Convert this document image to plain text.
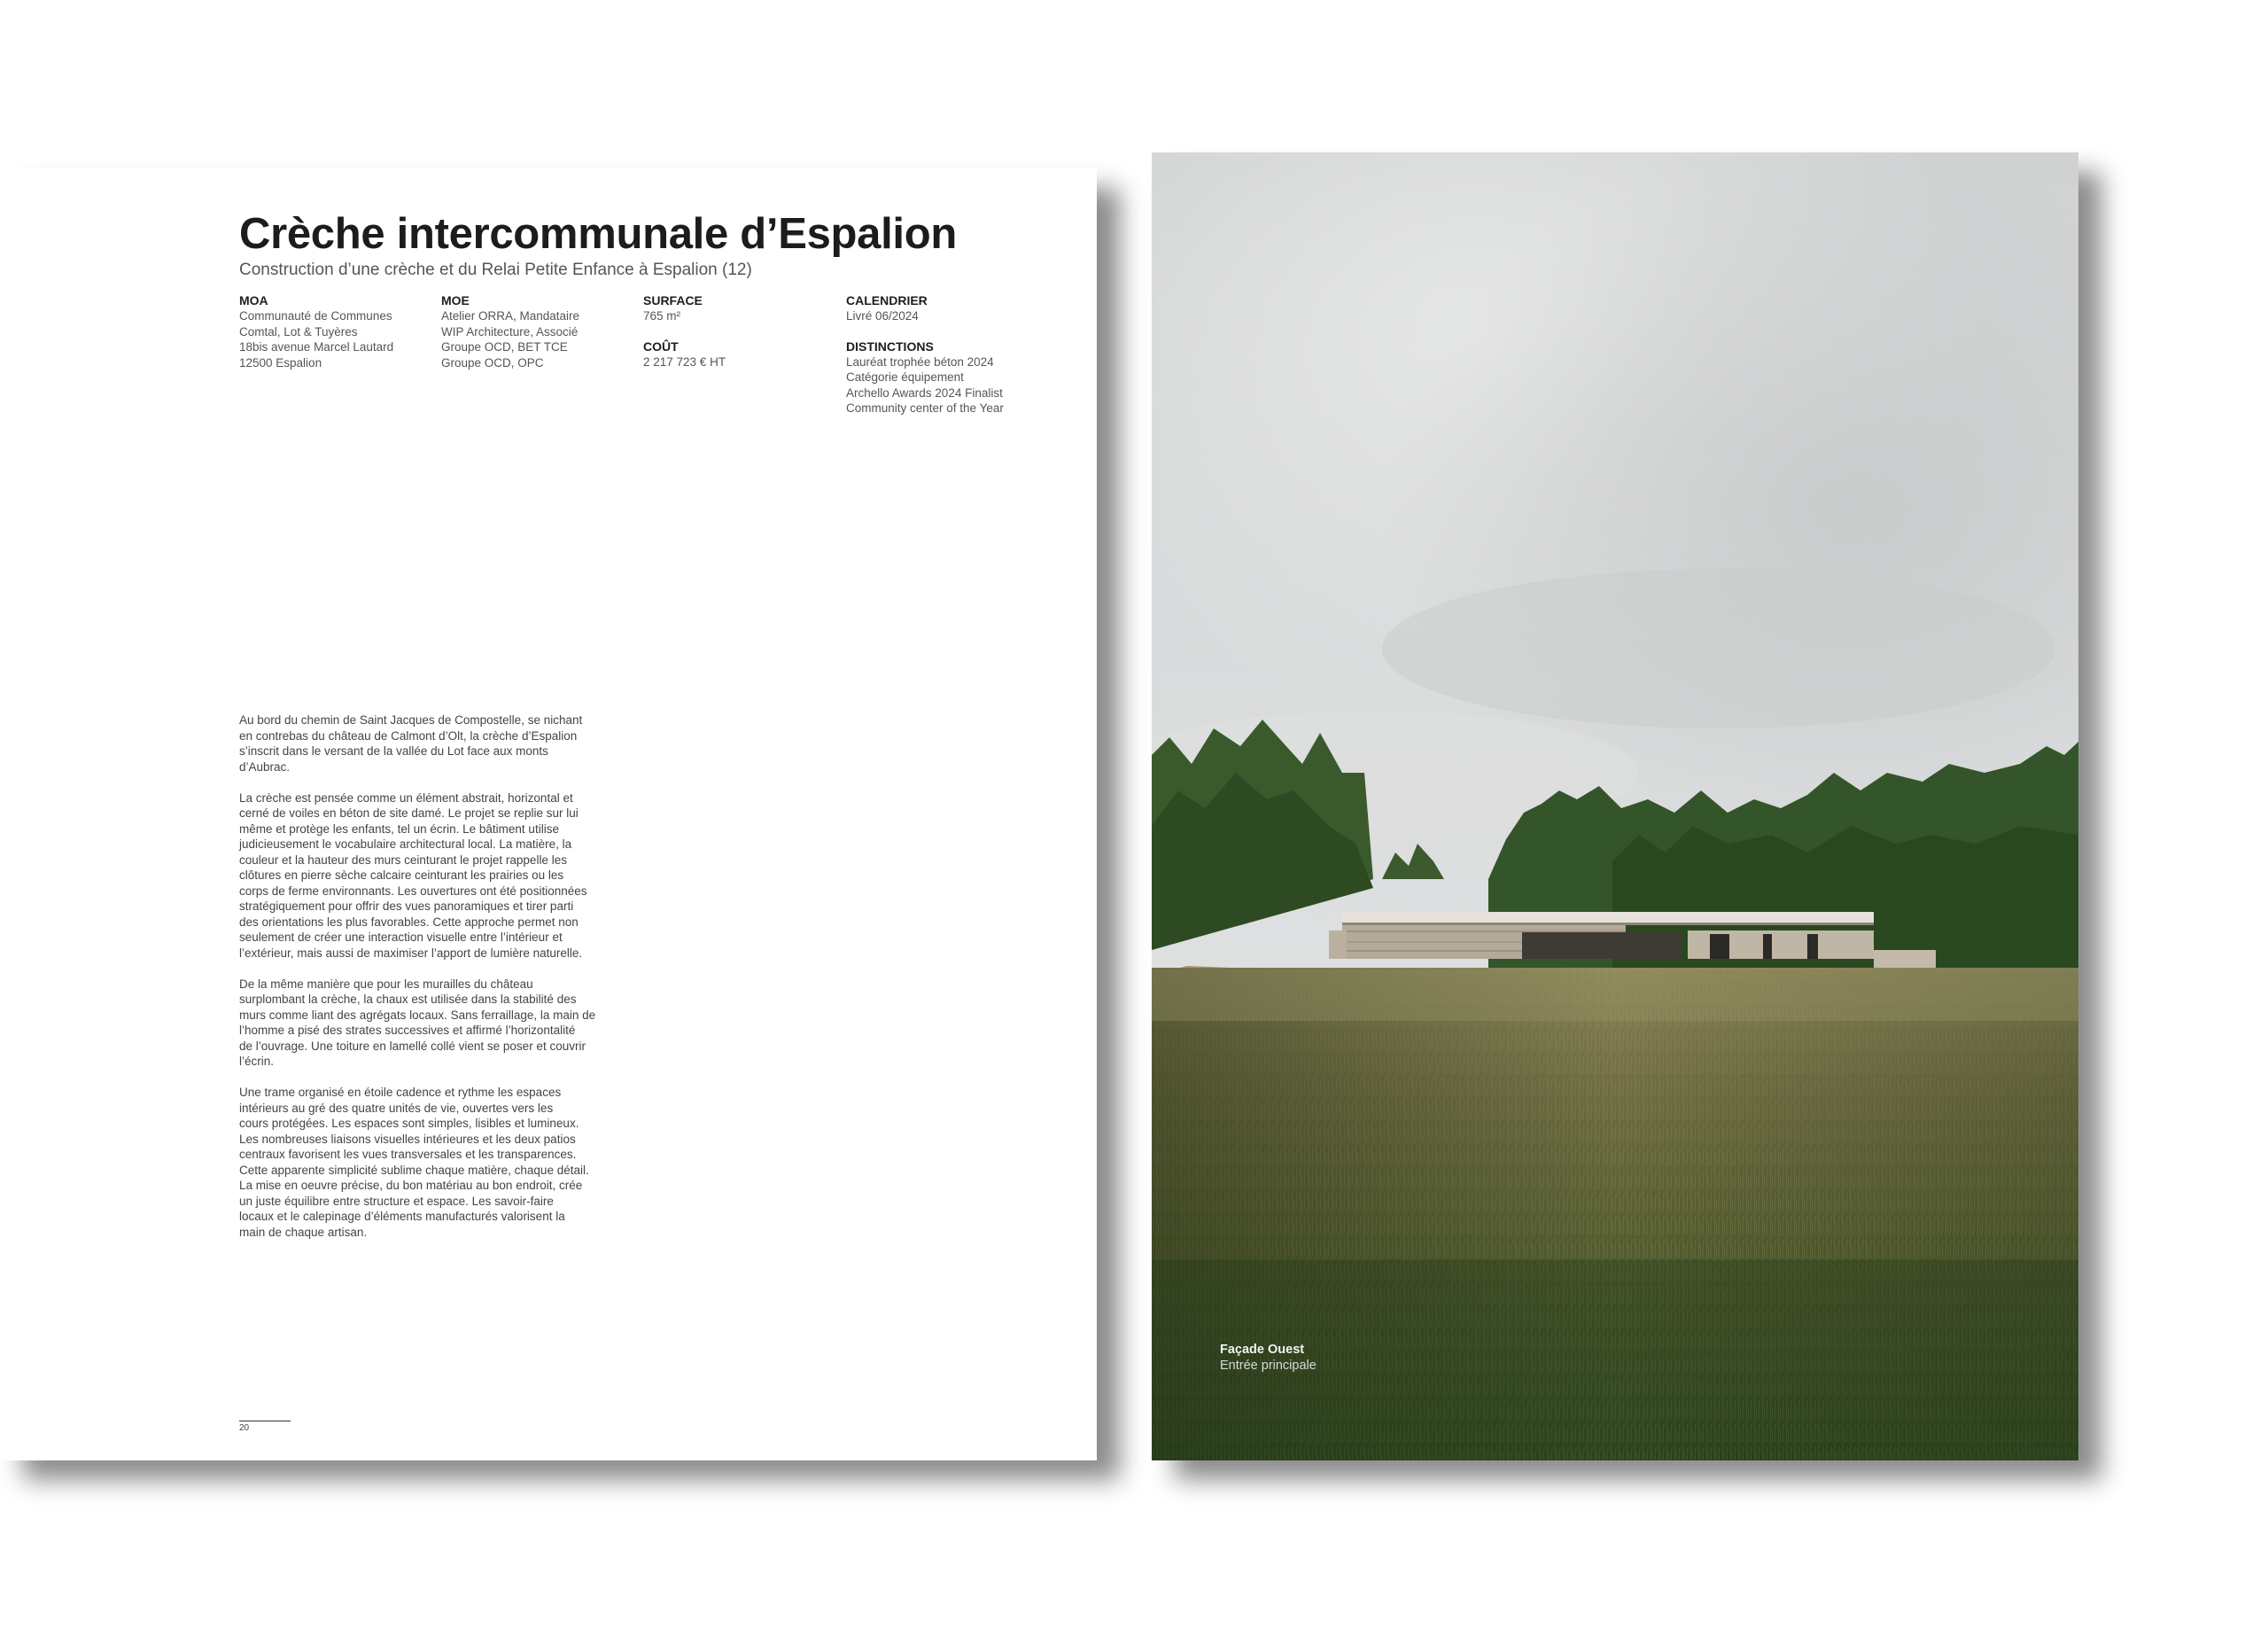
Crèche intercommunale d’Espalion

Construction d’une crèche et du Relai Petite Enfance à Espalion (12)

MOA
Communauté de Communes
Comtal, Lot & Tuyères
18bis avenue Marcel Lautard
12500 Espalion
MOE
Atelier ORRA, Mandataire
WIP Architecture, Associé
Groupe OCD, BET TCE
Groupe OCD, OPC
SURFACE
765 m²
COÛT
2 217 723 € HT
CALENDRIER
Livré 06/2024
DISTINCTIONS
Lauréat trophée béton 2024
Catégorie équipement
Archello Awards 2024 Finalist
Community center of the Year
Au bord du chemin de Saint Jacques de Compostelle, se nichant
en contrebas du château de Calmont d’Olt, la crèche d’Espalion
s’inscrit dans le versant de la vallée du Lot face aux monts
d’Aubrac.
La crèche est pensée comme un élément abstrait, horizontal et
cerné de voiles en béton de site damé. Le projet se replie sur lui
même et protège les enfants, tel un écrin. Le bâtiment utilise
judicieusement le vocabulaire architectural local. La matière, la
couleur et la hauteur des murs ceinturant le projet rappelle les
clôtures en pierre sèche calcaire ceinturant les prairies ou les
corps de ferme environnants. Les ouvertures ont été positionnées
stratégiquement pour offrir des vues panoramiques et tirer parti
des orientations les plus favorables. Cette approche permet non
seulement de créer une interaction visuelle entre l’intérieur et
l’extérieur, mais aussi de maximiser l’apport de lumière naturelle.
De la même manière que pour les murailles du château
surplombant la crèche, la chaux est utilisée dans la stabilité des
murs comme liant des agrégats locaux. Sans ferraillage, la main de
l’homme a pisé des strates successives et affirmé l’horizontalité
de l’ouvrage. Une toiture en lamellé collé vient se poser et couvrir
l’écrin.
Une trame organisé en étoile cadence et rythme les espaces
intérieurs au gré des quatre unités de vie, ouvertes vers les
cours protégées. Les espaces sont simples, lisibles et lumineux.
Les nombreuses liaisons visuelles intérieures et les deux patios
centraux favorisent les vues transversales et les transparences.
Cette apparente simplicité sublime chaque matière, chaque détail.
La mise en oeuvre précise, du bon matériau au bon endroit, crée
un juste équilibre entre structure et espace. Les savoir-faire
locaux et le calepinage d’éléments manufacturés valorisent la
main de chaque artisan.
20
Façade Ouest
Entrée principale
